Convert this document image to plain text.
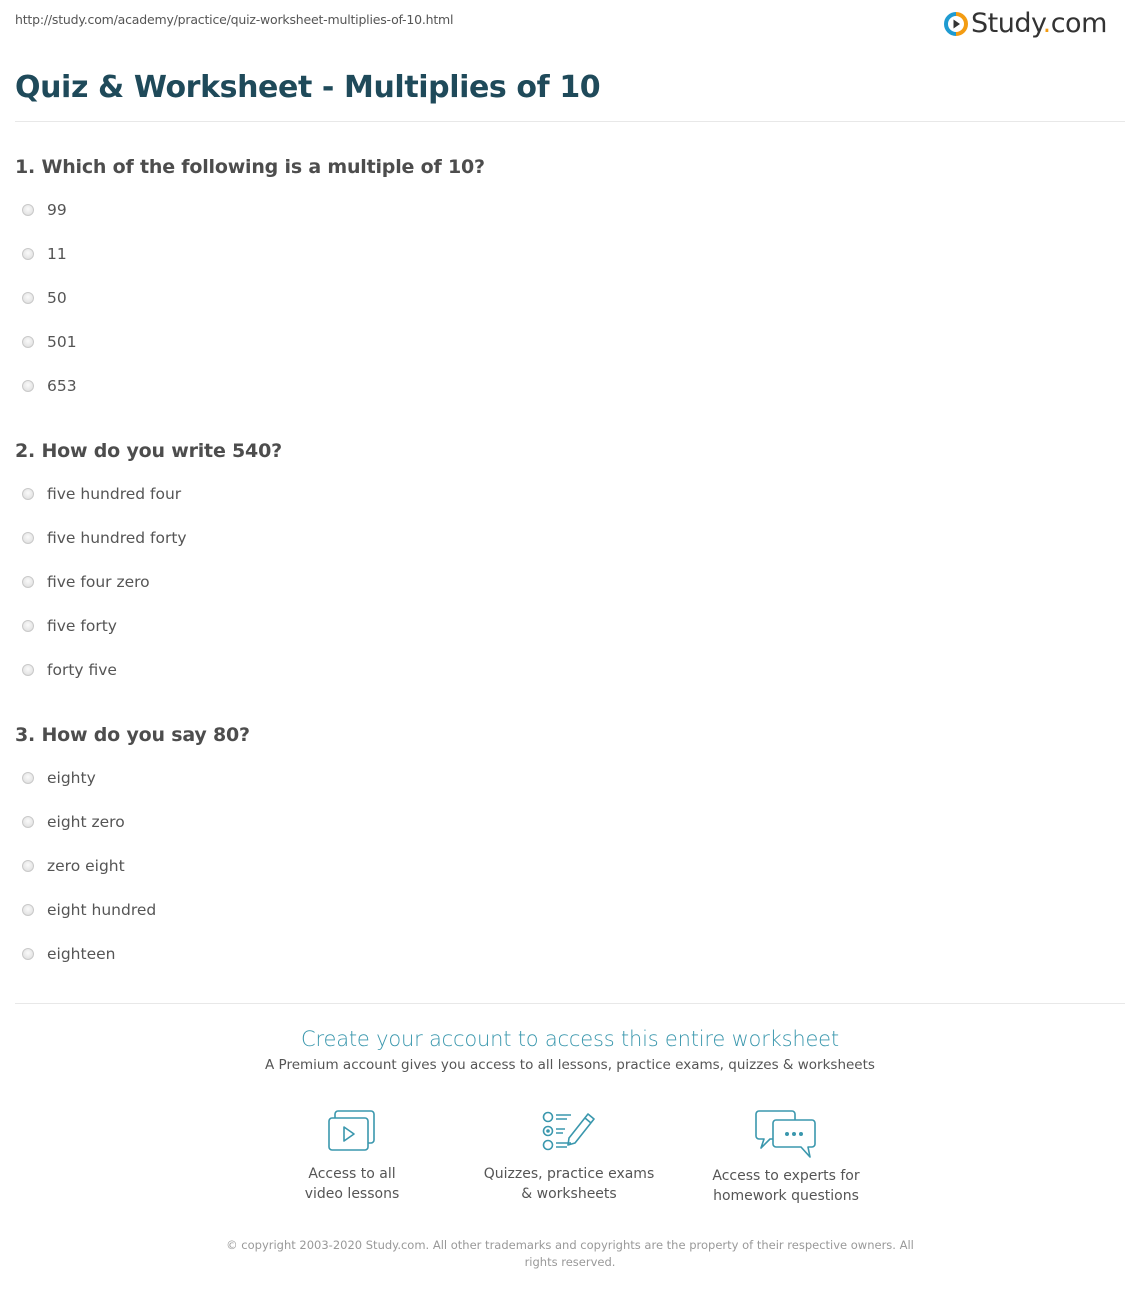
http://study.com/academy/practice/quiz-worksheet-multiplies-of-10.html	Study.com
Quiz & Worksheet - Multiplies of 10
1. Which of the following is a multiple of 10?
99
11
50
501
653
2. How do you write 540?
five hundred four
five hundred forty
five four zero
five forty
forty five
3. How do you say 80?
eighty
eight zero
zero eight
eight hundred
eighteen
Create your account to access this entire worksheet
A Premium account gives you access to all lessons, practice exams, quizzes & worksheets
Access to all
video lessons
Quizzes, practice exams
& worksheets
Access to experts for
homework questions
© copyright 2003-2020 Study.com. All other trademarks and copyrights are the property of their respective owners. All rights reserved.
